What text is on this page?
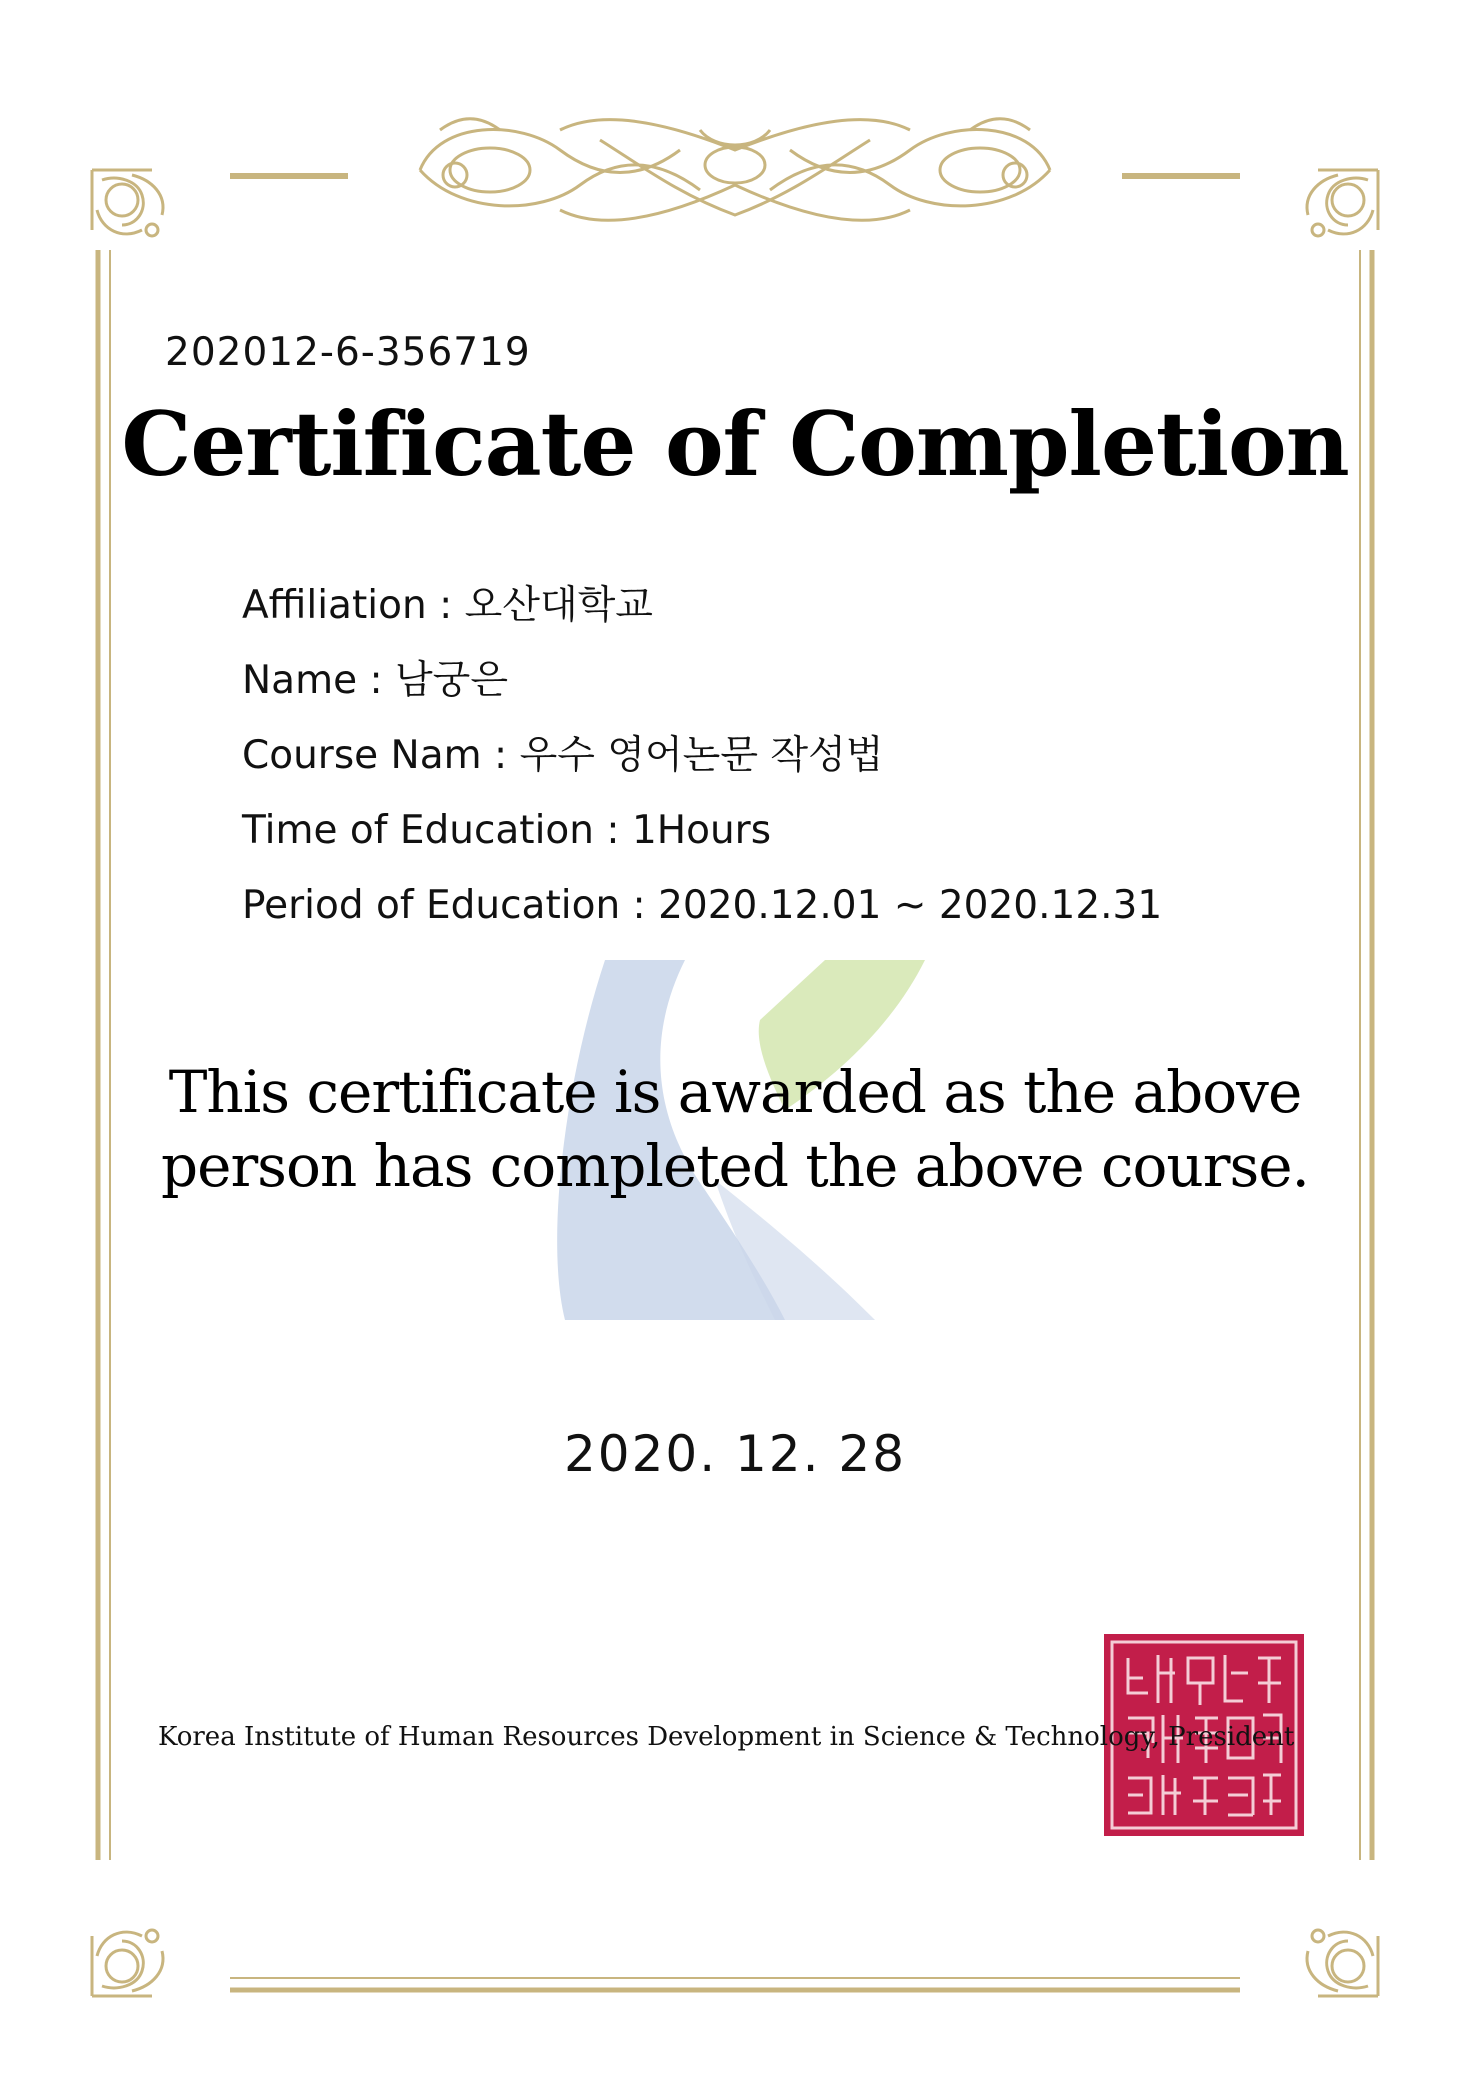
202012-6-356719
Certificate of Completion
Affiliation : 오산대학교
Name : 남궁은
Course Nam : 우수 영어논문 작성법
Time of Education : 1Hours
Period of Education : 2020.12.01 ~ 2020.12.31
This certificate is awarded as the above
person has completed the above course.
2020. 12. 28
Korea Institute of Human Resources Development in Science & Technology, President
